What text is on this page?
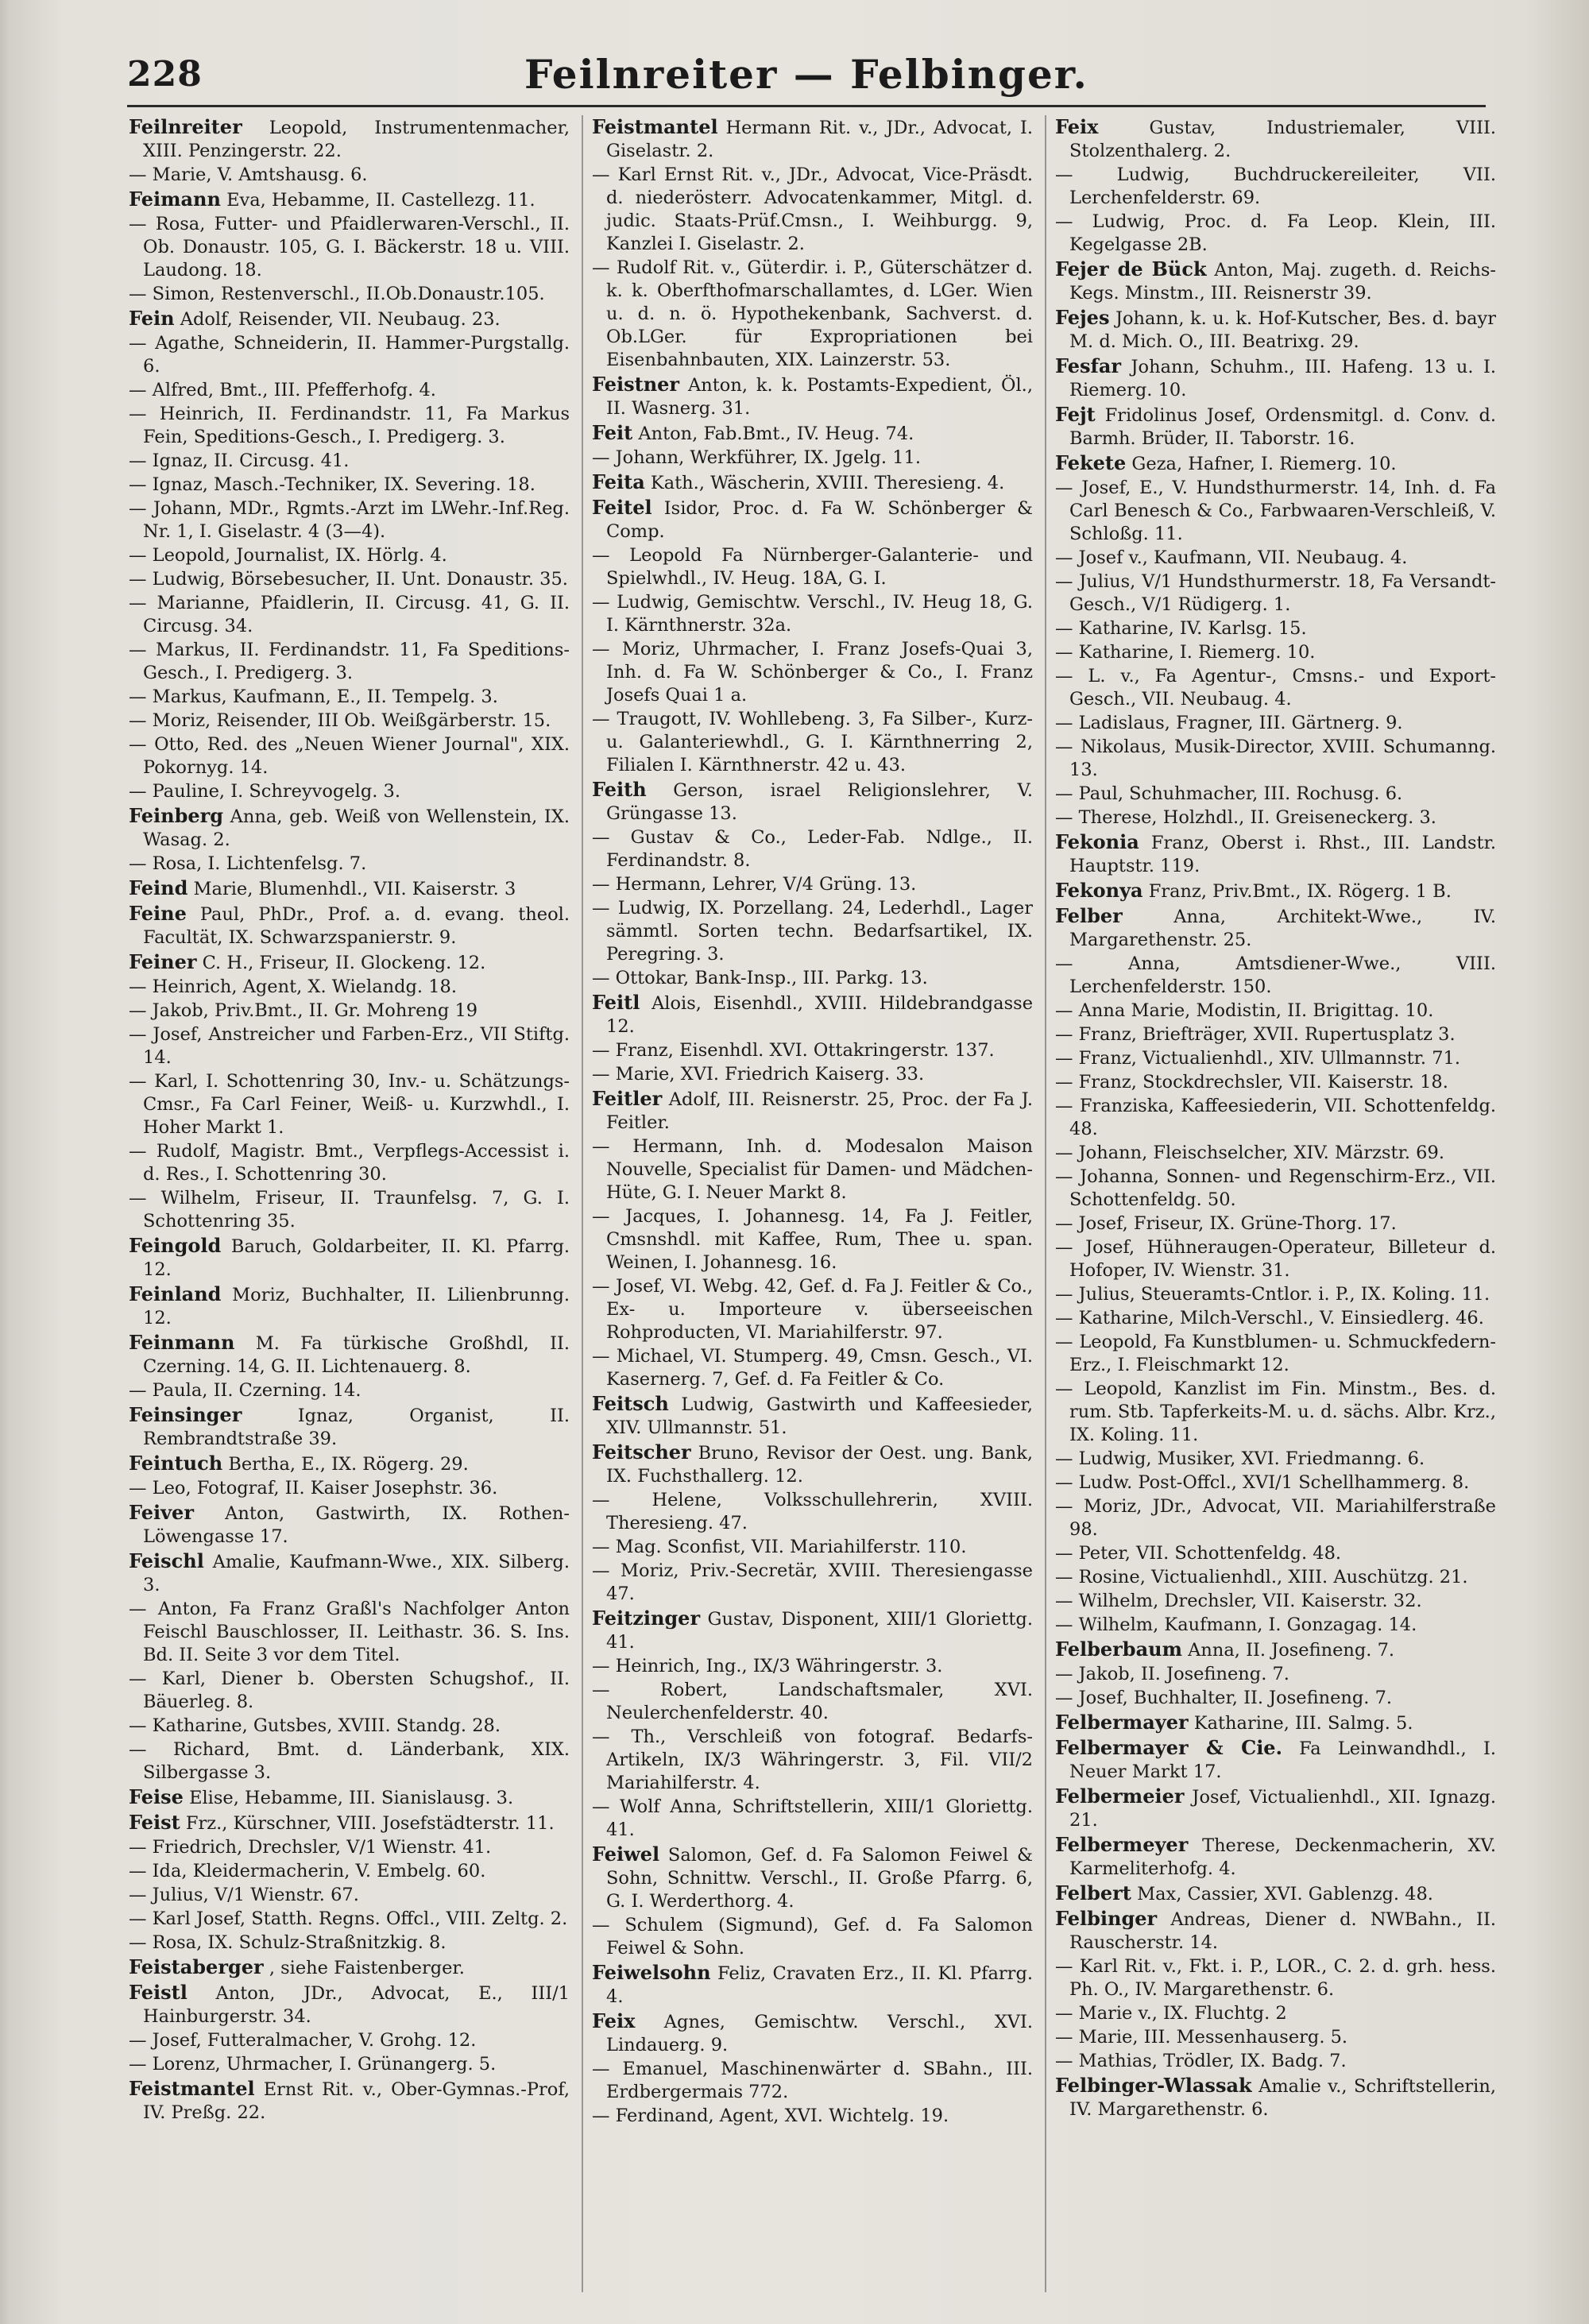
228	Feilnreiter — Felbinger.
Feilnreiter Leopold, Instrumentenmacher, XIII. Penzingerstr. 22.
— Marie, V. Amtshausg. 6.
Feimann Eva, Hebamme, II. Castellezg. 11.
— Rosa, Futter- und Pfaidlerwaren-Verschl., II. Ob. Donaustr. 105, G. I. Bäckerstr. 18 u. VIII. Laudong. 18.
— Simon, Restenverschl., II.Ob.Donaustr.105.
Fein Adolf, Reisender, VII. Neubaug. 23.
— Agathe, Schneiderin, II. Hammer-Purgstallg. 6.
— Alfred, Bmt., III. Pfefferhofg. 4.
— Heinrich, II. Ferdinandstr. 11, Fa Markus Fein, Speditions-Gesch., I. Predigerg. 3.
— Ignaz, II. Circusg. 41.
— Ignaz, Masch.-Techniker, IX. Severing. 18.
— Johann, MDr., Rgmts.-Arzt im LWehr.-Inf.Reg. Nr. 1, I. Giselastr. 4 (3—4).
— Leopold, Journalist, IX. Hörlg. 4.
— Ludwig, Börsebesucher, II. Unt. Donaustr. 35.
— Marianne, Pfaidlerin, II. Circusg. 41, G. II. Circusg. 34.
— Markus, II. Ferdinandstr. 11, Fa Speditions-Gesch., I. Predigerg. 3.
— Markus, Kaufmann, E., II. Tempelg. 3.
— Moriz, Reisender, III Ob. Weißgärberstr. 15.
— Otto, Red. des „Neuen Wiener Journal", XIX. Pokornyg. 14.
— Pauline, I. Schreyvogelg. 3.
Feinberg Anna, geb. Weiß von Wellenstein, IX. Wasag. 2.
— Rosa, I. Lichtenfelsg. 7.
Feind Marie, Blumenhdl., VII. Kaiserstr. 3
Feine Paul, PhDr., Prof. a. d. evang. theol. Facultät, IX. Schwarzspanierstr. 9.
Feiner C. H., Friseur, II. Glockeng. 12.
— Heinrich, Agent, X. Wielandg. 18.
— Jakob, Priv.Bmt., II. Gr. Mohreng 19
— Josef, Anstreicher und Farben-Erz., VII Stiftg. 14.
— Karl, I. Schottenring 30, Inv.- u. Schätzungs-Cmsr., Fa Carl Feiner, Weiß- u. Kurzwhdl., I. Hoher Markt 1.
— Rudolf, Magistr. Bmt., Verpflegs-Accessist i. d. Res., I. Schottenring 30.
— Wilhelm, Friseur, II. Traunfelsg. 7, G. I. Schottenring 35.
Feingold Baruch, Goldarbeiter, II. Kl. Pfarrg. 12.
Feinland Moriz, Buchhalter, II. Lilienbrunng. 12.
Feinmann M. Fa türkische Großhdl, II. Czerning. 14, G. II. Lichtenauerg. 8.
— Paula, II. Czerning. 14.
Feinsinger	Ignaz, Organist, II. Rembrandtstraße 39.
Feintuch Bertha, E., IX. Rögerg. 29.
— Leo, Fotograf, II. Kaiser Josephstr. 36.
Feiver Anton, Gastwirth, IX. Rothen-Löwengasse 17.
Feischl Amalie, Kaufmann-Wwe., XIX. Silberg. 3.
— Anton, Fa Franz Graßl's Nachfolger Anton Feischl Bauschlosser, II. Leithastr. 36. S. Ins. Bd. II. Seite 3 vor dem Titel.
— Karl, Diener b. Obersten Schugshof., II. Bäuerleg. 8.
— Katharine, Gutsbes, XVIII. Standg. 28.
— Richard, Bmt. d. Länderbank, XIX. Silbergasse 3.
Feise Elise, Hebamme, III. Sianislausg. 3.
Feist Frz., Kürschner, VIII. Josefstädterstr. 11.
— Friedrich, Drechsler, V/1 Wienstr. 41.
— Ida, Kleidermacherin, V. Embelg. 60.
— Julius, V/1 Wienstr. 67.
— Karl Josef, Statth. Regns. Offcl., VIII. Zeltg. 2.
— Rosa, IX. Schulz-Straßnitzkig. 8.
Feistaberger , siehe Faistenberger.
Feistl Anton, JDr., Advocat, E., III/1 Hainburgerstr. 34.
— Josef, Futteralmacher, V. Grohg. 12.
— Lorenz, Uhrmacher, I. Grünangerg. 5.
Feistmantel Ernst Rit. v., Ober-Gymnas.-Prof, IV. Preßg. 22.
Feistmantel Hermann Rit. v., JDr., Advocat, I. Giselastr. 2.
— Karl Ernst Rit. v., JDr., Advocat, Vice-Präsdt. d. niederösterr. Advocatenkammer, Mitgl. d. judic. Staats-Prüf.Cmsn., I. Weihburgg. 9, Kanzlei I. Giselastr. 2.
— Rudolf Rit. v., Güterdir. i. P., Güterschätzer d. k. k. Oberfthofmarschallamtes, d. LGer. Wien u. d. n. ö. Hypothekenbank, Sachverst. d. Ob.LGer. für Expropriationen bei Eisenbahnbauten, XIX. Lainzerstr. 53.
Feistner Anton, k. k. Postamts-Expedient, Öl., II. Wasnerg. 31.
Feit Anton, Fab.Bmt., IV. Heug. 74.
— Johann, Werkführer, IX. Jgelg. 11.
Feita Kath., Wäscherin, XVIII. Theresieng. 4.
Feitel Isidor, Proc. d. Fa W. Schönberger & Comp.
— Leopold Fa Nürnberger-Galanterie- und Spielwhdl., IV. Heug. 18A, G. I.
— Ludwig, Gemischtw. Verschl., IV. Heug 18, G. I. Kärnthnerstr. 32a.
— Moriz, Uhrmacher, I. Franz Josefs-Quai 3, Inh. d. Fa W. Schönberger & Co., I. Franz Josefs Quai 1 a.
— Traugott, IV. Wohllebeng. 3, Fa Silber-, Kurz- u. Galanteriewhdl., G. I. Kärnthnerring 2, Filialen I. Kärnthnerstr. 42 u. 43.
Feith Gerson, israel Religionslehrer, V. Grüngasse 13.
— Gustav & Co., Leder-Fab. Ndlge., II. Ferdinandstr. 8.
— Hermann, Lehrer, V/4 Grüng. 13.
— Ludwig, IX. Porzellang. 24, Lederhdl., Lager sämmtl. Sorten techn. Bedarfsartikel, IX. Peregring. 3.
— Ottokar, Bank-Insp., III. Parkg. 13.
Feitl Alois, Eisenhdl., XVIII. Hildebrandgasse 12.
— Franz, Eisenhdl. XVI. Ottakringerstr. 137.
— Marie, XVI. Friedrich Kaiserg. 33.
Feitler Adolf, III. Reisnerstr. 25, Proc. der Fa J. Feitler.
— Hermann, Inh. d. Modesalon Maison Nouvelle, Specialist für Damen- und Mädchen-Hüte, G. I. Neuer Markt 8.
— Jacques, I. Johannesg. 14, Fa J. Feitler, Cmsnshdl. mit Kaffee, Rum, Thee u. span. Weinen, I. Johannesg. 16.
— Josef, VI. Webg. 42, Gef. d. Fa J. Feitler & Co., Ex- u. Importeure v. überseeischen Rohproducten, VI. Mariahilferstr. 97.
— Michael, VI. Stumperg. 49, Cmsn. Gesch., VI. Kasernerg. 7, Gef. d. Fa Feitler & Co.
Feitsch Ludwig, Gastwirth und Kaffeesieder, XIV. Ullmannstr. 51.
Feitscher Bruno, Revisor der Oest. ung. Bank, IX. Fuchsthallerg. 12.
— Helene, Volksschullehrerin, XVIII. Theresieng. 47.
— Mag. Sconfist, VII. Mariahilferstr. 110.
— Moriz, Priv.-Secretär, XVIII. Theresiengasse 47.
Feitzinger Gustav, Disponent, XIII/1 Gloriettg. 41.
— Heinrich, Ing., IX/3 Währingerstr. 3.
— Robert, Landschaftsmaler, XVI. Neulerchenfelderstr. 40.
— Th., Verschleiß von fotograf. Bedarfs-Artikeln, IX/3 Währingerstr. 3, Fil. VII/2 Mariahilferstr. 4.
— Wolf Anna, Schriftstellerin, XIII/1 Gloriettg. 41.
Feiwel Salomon, Gef. d. Fa Salomon Feiwel & Sohn, Schnittw. Verschl., II. Große Pfarrg. 6, G. I. Werderthorg. 4.
— Schulem (Sigmund), Gef. d. Fa Salomon Feiwel & Sohn.
Feiwelsohn Feliz, Cravaten Erz., II. Kl. Pfarrg. 4.
Feix Agnes, Gemischtw. Verschl., XVI. Lindauerg. 9.
— Emanuel, Maschinenwärter d. SBahn., III. Erdbergermais 772.
— Ferdinand, Agent, XVI. Wichtelg. 19.
Feix	Gustav, Industriemaler, VIII. Stolzenthalerg. 2.
— Ludwig, Buchdruckereileiter, VII. Lerchenfelderstr. 69.
— Ludwig, Proc. d. Fa Leop. Klein, III. Kegelgasse 2B.
Fejer de Bück Anton, Maj. zugeth. d. Reichs-Kegs. Minstm., III. Reisnerstr 39.
Fejes Johann, k. u. k. Hof-Kutscher, Bes. d. bayr M. d. Mich. O., III. Beatrixg. 29.
Fesfar Johann, Schuhm., III. Hafeng. 13 u. I. Riemerg. 10.
Fejt Fridolinus Josef, Ordensmitgl. d. Conv. d. Barmh. Brüder, II. Taborstr. 16.
Fekete Geza, Hafner, I. Riemerg. 10.
— Josef, E., V. Hundsthurmerstr. 14, Inh. d. Fa Carl Benesch & Co., Farbwaaren-Verschleiß, V. Schloßg. 11.
— Josef v., Kaufmann, VII. Neubaug. 4.
— Julius, V/1 Hundsthurmerstr. 18, Fa Versandt-Gesch., V/1 Rüdigerg. 1.
— Katharine, IV. Karlsg. 15.
— Katharine, I. Riemerg. 10.
— L. v., Fa Agentur-, Cmsns.- und Export-Gesch., VII. Neubaug. 4.
— Ladislaus, Fragner, III. Gärtnerg. 9.
— Nikolaus, Musik-Director, XVIII. Schumanng. 13.
— Paul, Schuhmacher, III. Rochusg. 6.
— Therese, Holzhdl., II. Greiseneckerg. 3.
Fekonia Franz, Oberst i. Rhst., III. Landstr. Hauptstr. 119.
Fekonya Franz, Priv.Bmt., IX. Rögerg. 1 B.
Felber	Anna, Architekt-Wwe., IV. Margarethenstr. 25.
— Anna, Amtsdiener-Wwe., VIII. Lerchenfelderstr. 150.
— Anna Marie, Modistin, II. Brigittag. 10.
— Franz, Briefträger, XVII. Rupertusplatz 3.
— Franz, Victualienhdl., XIV. Ullmannstr. 71.
— Franz, Stockdrechsler, VII. Kaiserstr. 18.
— Franziska, Kaffeesiederin, VII. Schottenfeldg. 48.
— Johann, Fleischselcher, XIV. Märzstr. 69.
— Johanna, Sonnen- und Regenschirm-Erz., VII. Schottenfeldg. 50.
— Josef, Friseur, IX. Grüne-Thorg. 17.
— Josef, Hühneraugen-Operateur, Billeteur d. Hofoper, IV. Wienstr. 31.
— Julius, Steueramts-Cntlor. i. P., IX. Koling. 11.
— Katharine, Milch-Verschl., V. Einsiedlerg. 46.
— Leopold, Fa Kunstblumen- u. Schmuckfedern-Erz., I. Fleischmarkt 12.
— Leopold, Kanzlist im Fin. Minstm., Bes. d. rum. Stb. Tapferkeits-M. u. d. sächs. Albr. Krz., IX. Koling. 11.
— Ludwig, Musiker, XVI. Friedmanng. 6.
— Ludw. Post-Offcl., XVI/1 Schellhammerg. 8.
— Moriz, JDr., Advocat, VII. Mariahilferstraße 98.
— Peter, VII. Schottenfeldg. 48.
— Rosine, Victualienhdl., XIII. Auschützg. 21.
— Wilhelm, Drechsler, VII. Kaiserstr. 32.
— Wilhelm, Kaufmann, I. Gonzagag. 14.
Felberbaum Anna, II. Josefineng. 7.
— Jakob, II. Josefineng. 7.
— Josef, Buchhalter, II. Josefineng. 7.
Felbermayer Katharine, III. Salmg. 5.
Felbermayer & Cie. Fa Leinwandhdl., I. Neuer Markt 17.
Felbermeier Josef, Victualienhdl., XII. Ignazg. 21.
Felbermeyer Therese, Deckenmacherin, XV. Karmeliterhofg. 4.
Felbert Max, Cassier, XVI. Gablenzg. 48.
Felbinger Andreas, Diener d. NWBahn., II. Rauscherstr. 14.
— Karl Rit. v., Fkt. i. P., LOR., C. 2. d. grh. hess. Ph. O., IV. Margarethenstr. 6.
— Marie v., IX. Fluchtg. 2
— Marie, III. Messenhauserg. 5.
— Mathias, Trödler, IX. Badg. 7.
Felbinger-Wlassak Amalie v., Schriftstellerin, IV. Margarethenstr. 6.
